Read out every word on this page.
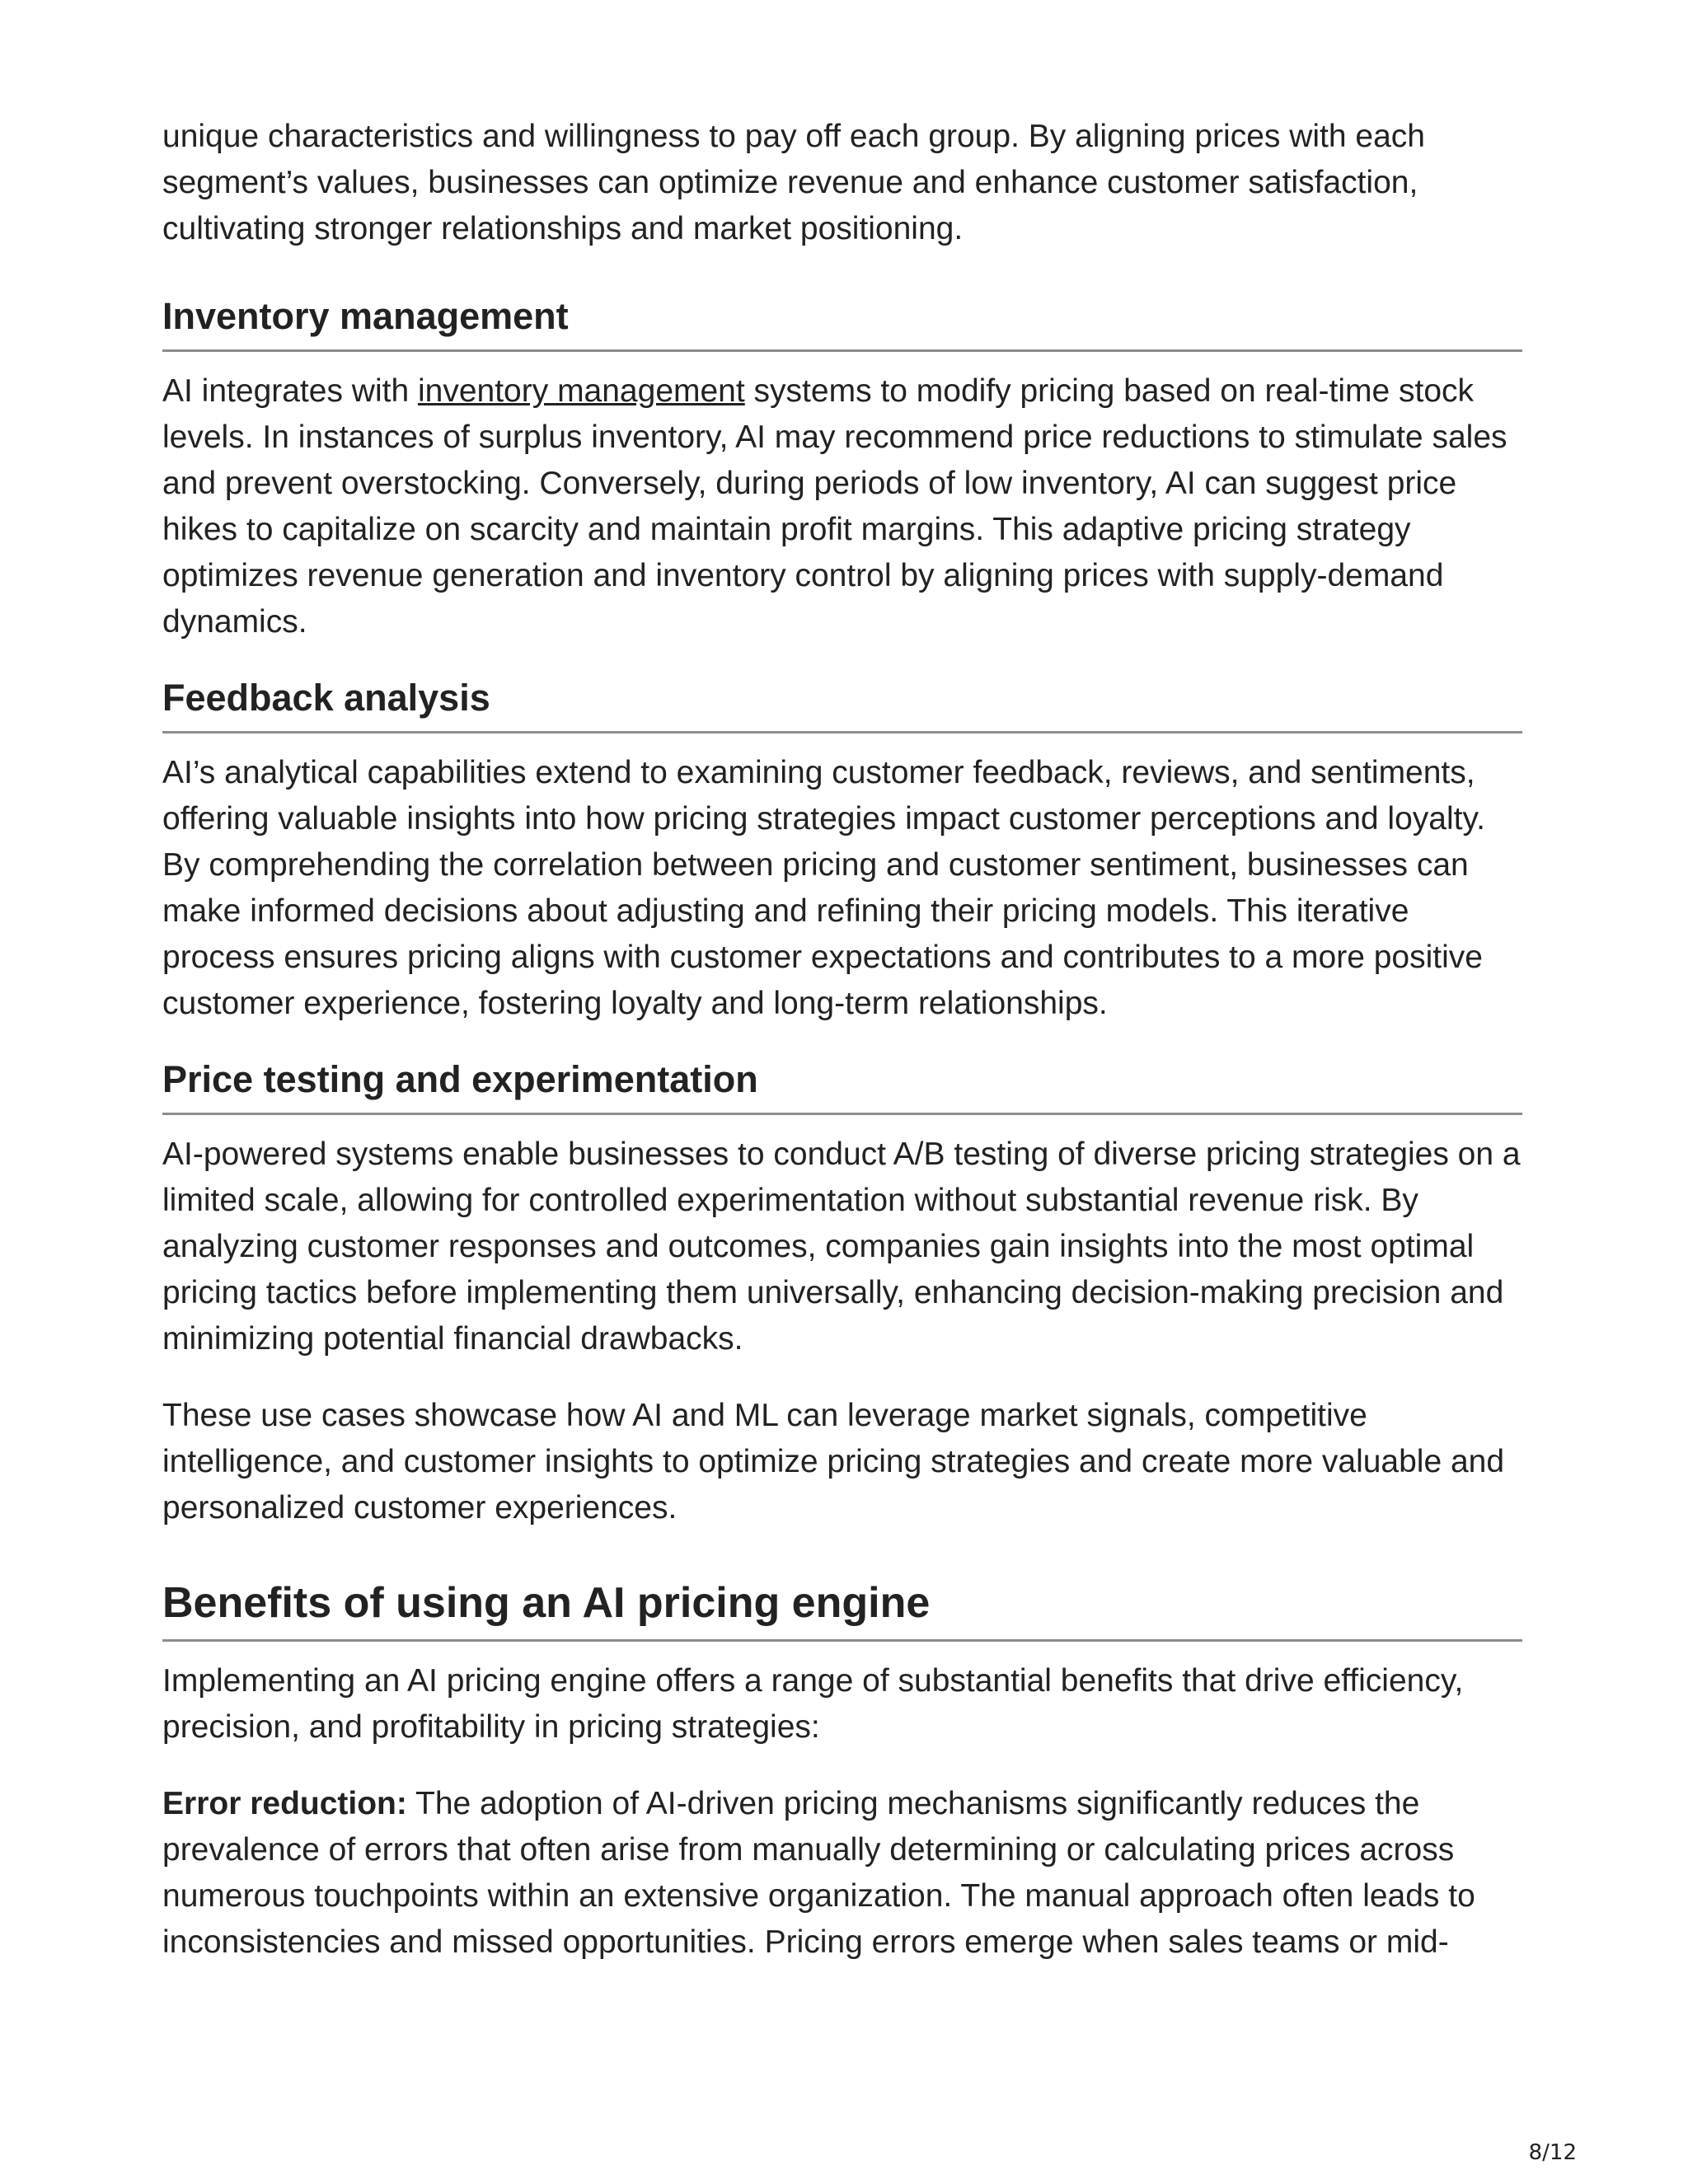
unique characteristics and willingness to pay off each group. By aligning prices with each segment’s values, businesses can optimize revenue and enhance customer satisfaction, cultivating stronger relationships and market positioning.

Inventory management

AI integrates with inventory management systems to modify pricing based on real-time stock levels. In instances of surplus inventory, AI may recommend price reductions to stimulate sales and prevent overstocking. Conversely, during periods of low inventory, AI can suggest price hikes to capitalize on scarcity and maintain profit margins. This adaptive pricing strategy optimizes revenue generation and inventory control by aligning prices with supply-demand dynamics.

Feedback analysis

AI’s analytical capabilities extend to examining customer feedback, reviews, and sentiments, offering valuable insights into how pricing strategies impact customer perceptions and loyalty. By comprehending the correlation between pricing and customer sentiment, businesses can make informed decisions about adjusting and refining their pricing models. This iterative process ensures pricing aligns with customer expectations and contributes to a more positive customer experience, fostering loyalty and long-term relationships.

Price testing and experimentation

AI-powered systems enable businesses to conduct A/B testing of diverse pricing strategies on a limited scale, allowing for controlled experimentation without substantial revenue risk. By analyzing customer responses and outcomes, companies gain insights into the most optimal pricing tactics before implementing them universally, enhancing decision-making precision and minimizing potential financial drawbacks.

These use cases showcase how AI and ML can leverage market signals, competitive intelligence, and customer insights to optimize pricing strategies and create more valuable and personalized customer experiences.

Benefits of using an AI pricing engine

Implementing an AI pricing engine offers a range of substantial benefits that drive efficiency, precision, and profitability in pricing strategies:

Error reduction: The adoption of AI-driven pricing mechanisms significantly reduces the prevalence of errors that often arise from manually determining or calculating prices across numerous touchpoints within an extensive organization. The manual approach often leads to inconsistencies and missed opportunities. Pricing errors emerge when sales teams or mid-

8/12
